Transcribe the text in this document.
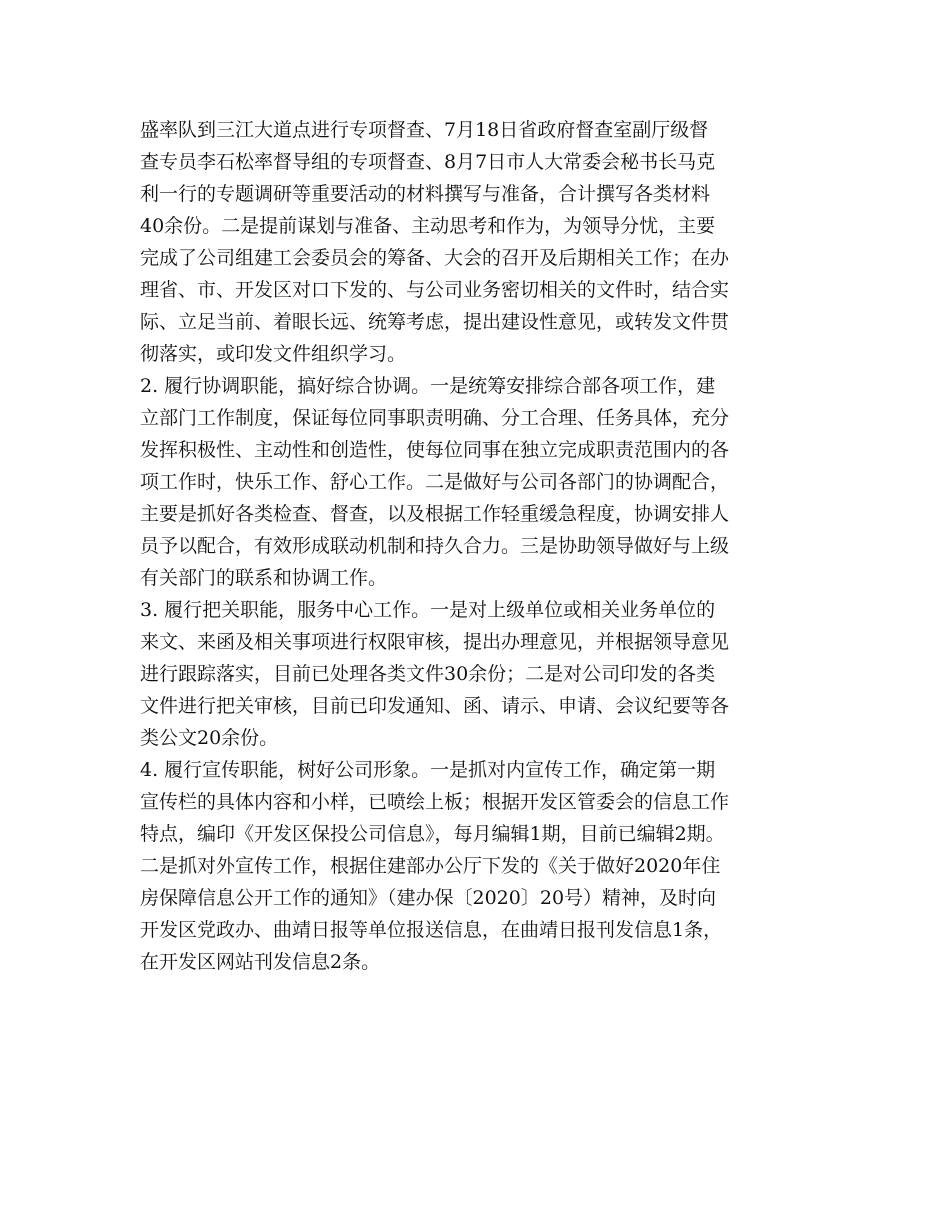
盛率队到三江大道点进行专项督查、7月18日省政府督查室副厅级督
查专员李石松率督导组的专项督查、8月7日市人大常委会秘书长马克
利一行的专题调研等重要活动的材料撰写与准备，合计撰写各类材料
40余份。二是提前谋划与准备、主动思考和作为，为领导分忧，主要
完成了公司组建工会委员会的筹备、大会的召开及后期相关工作；在办
理省、市、开发区对口下发的、与公司业务密切相关的文件时，结合实
际、立足当前、着眼长远、统筹考虑，提出建设性意见，或转发文件贯
彻落实，或印发文件组织学习。
2. 履行协调职能，搞好综合协调。一是统筹安排综合部各项工作，建
立部门工作制度，保证每位同事职责明确、分工合理、任务具体，充分
发挥积极性、主动性和创造性，使每位同事在独立完成职责范围内的各
项工作时，快乐工作、舒心工作。二是做好与公司各部门的协调配合，
主要是抓好各类检查、督查，以及根据工作轻重缓急程度，协调安排人
员予以配合，有效形成联动机制和持久合力。三是协助领导做好与上级
有关部门的联系和协调工作。
3. 履行把关职能，服务中心工作。一是对上级单位或相关业务单位的
来文、来函及相关事项进行权限审核，提出办理意见，并根据领导意见
进行跟踪落实，目前已处理各类文件30余份；二是对公司印发的各类
文件进行把关审核，目前已印发通知、函、请示、申请、会议纪要等各
类公文20余份。
4. 履行宣传职能，树好公司形象。一是抓对内宣传工作，确定第一期
宣传栏的具体内容和小样，已喷绘上板；根据开发区管委会的信息工作
特点，编印《开发区保投公司信息》，每月编辑1期，目前已编辑2期。
二是抓对外宣传工作，根据住建部办公厅下发的《关于做好2020年住
房保障信息公开工作的通知》（建办保〔2020〕20号）精神，及时向
开发区党政办、曲靖日报等单位报送信息，在曲靖日报刊发信息1条，
在开发区网站刊发信息2条。
